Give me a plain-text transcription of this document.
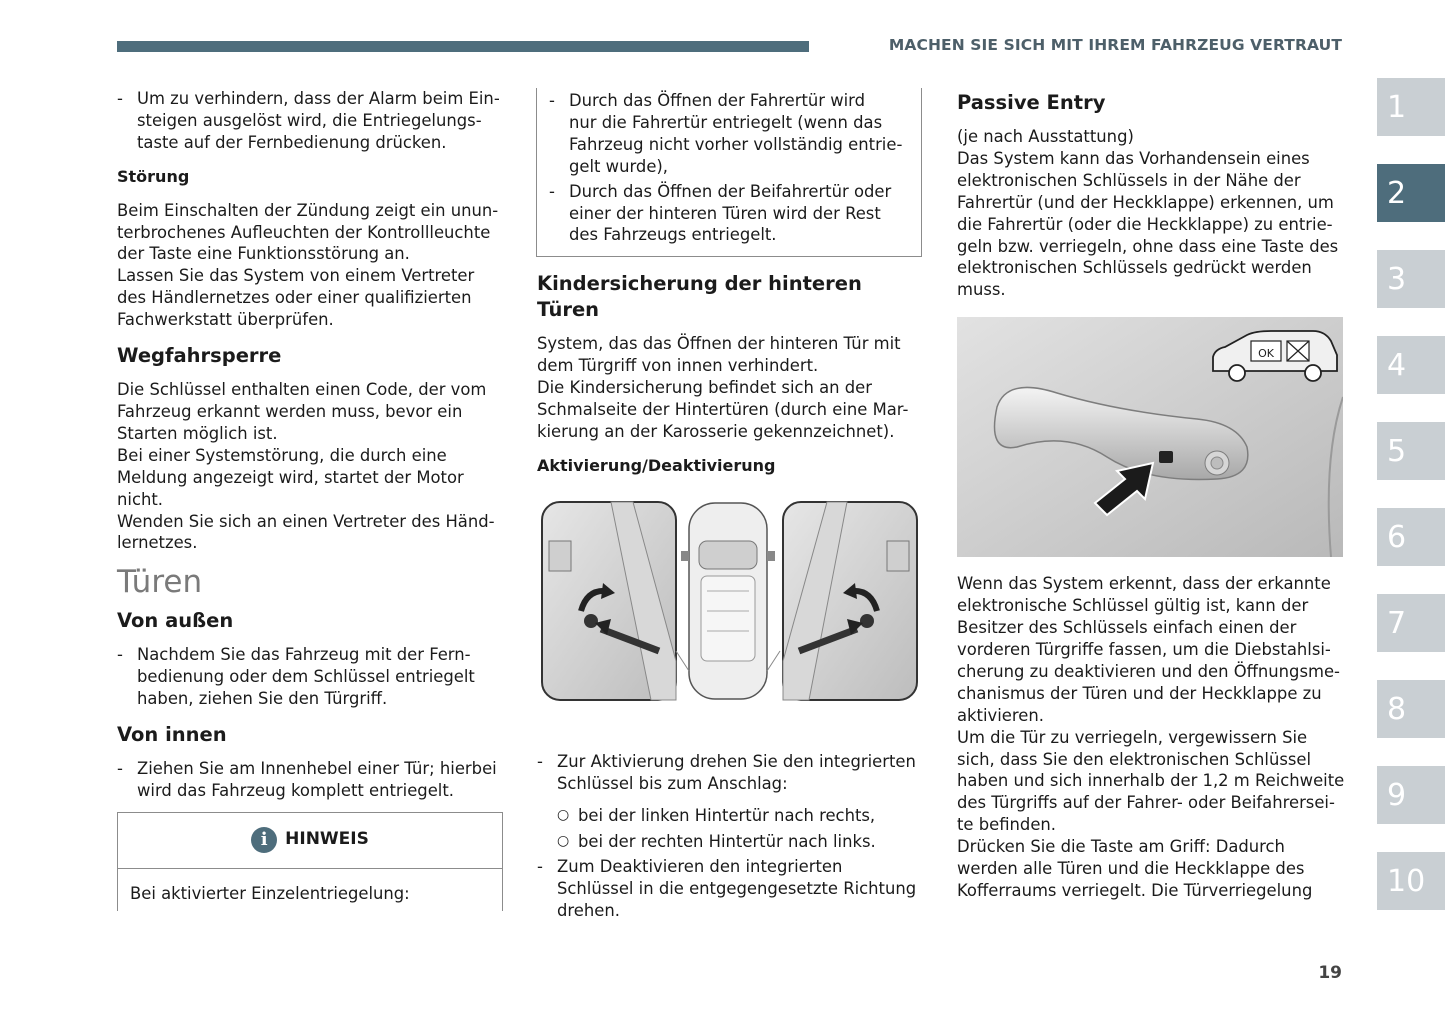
MACHEN SIE SICH MIT IHREM FAHRZEUG VERTRAUT

- Um zu verhindern, dass der Alarm beim Ein-
steigen ausgelöst wird, die Entriegelungs-
taste auf der Fernbedienung drücken.

Störung

Beim Einschalten der Zündung zeigt ein unun-
terbrochenes Aufleuchten der Kontrollleuchte
der Taste eine Funktionsstörung an.
Lassen Sie das System von einem Vertreter
des Händlernetzes oder einer qualifizierten
Fachwerkstatt überprüfen.

Wegfahrsperre

Die Schlüssel enthalten einen Code, der vom
Fahrzeug erkannt werden muss, bevor ein
Starten möglich ist.
Bei einer Systemstörung, die durch eine
Meldung angezeigt wird, startet der Motor
nicht.
Wenden Sie sich an einen Vertreter des Händ-
lernetzes.

Türen

Von außen

- Nachdem Sie das Fahrzeug mit der Fern-
bedienung oder dem Schlüssel entriegelt
haben, ziehen Sie den Türgriff.

Von innen

- Ziehen Sie am Innenhebel einer Tür; hierbei
wird das Fahrzeug komplett entriegelt.

i	HINWEIS
Bei aktivierter Einzelentriegelung:

- Durch das Öffnen der Fahrertür wird
nur die Fahrertür entriegelt (wenn das
Fahrzeug nicht vorher vollständig entrie-
gelt wurde),

- Durch das Öffnen der Beifahrertür oder
einer der hinteren Türen wird der Rest
des Fahrzeugs entriegelt.

Kindersicherung der hinteren Türen

System, das das Öffnen der hinteren Tür mit
dem Türgriff von innen verhindert.
Die Kindersicherung befindet sich an der
Schmalseite der Hintertüren (durch eine Mar-
kierung an der Karosserie gekennzeichnet).

Aktivierung/Deaktivierung

- Zur Aktivierung drehen Sie den integrierten
Schlüssel bis zum Anschlag:

○ bei der linken Hintertür nach rechts,

○ bei der rechten Hintertür nach links.

- Zum Deaktivieren den integrierten
Schlüssel in die entgegengesetzte Richtung
drehen.

Passive Entry

(je nach Ausstattung)
Das System kann das Vorhandensein eines
elektronischen Schlüssels in der Nähe der
Fahrertür (und der Heckklappe) erkennen, um
die Fahrertür (oder die Heckklappe) zu entrie-
geln bzw. verriegeln, ohne dass eine Taste des
elektronischen Schlüssels gedrückt werden
muss.

OK

Wenn das System erkennt, dass der erkannte
elektronische Schlüssel gültig ist, kann der
Besitzer des Schlüssels einfach einen der
vorderen Türgriffe fassen, um die Diebstahlsi-
cherung zu deaktivieren und den Öffnungsme-
chanismus der Türen und der Heckklappe zu
aktivieren.
Um die Tür zu verriegeln, vergewissern Sie
sich, dass Sie den elektronischen Schlüssel
haben und sich innerhalb der 1,2 m Reichweite
des Türgriffs auf der Fahrer- oder Beifahrersei-
te befinden.
Drücken Sie die Taste am Griff: Dadurch
werden alle Türen und die Heckklappe des
Kofferraums verriegelt. Die Türverriegelung

1
2
3
4
5
6
7
8
9
10
19
